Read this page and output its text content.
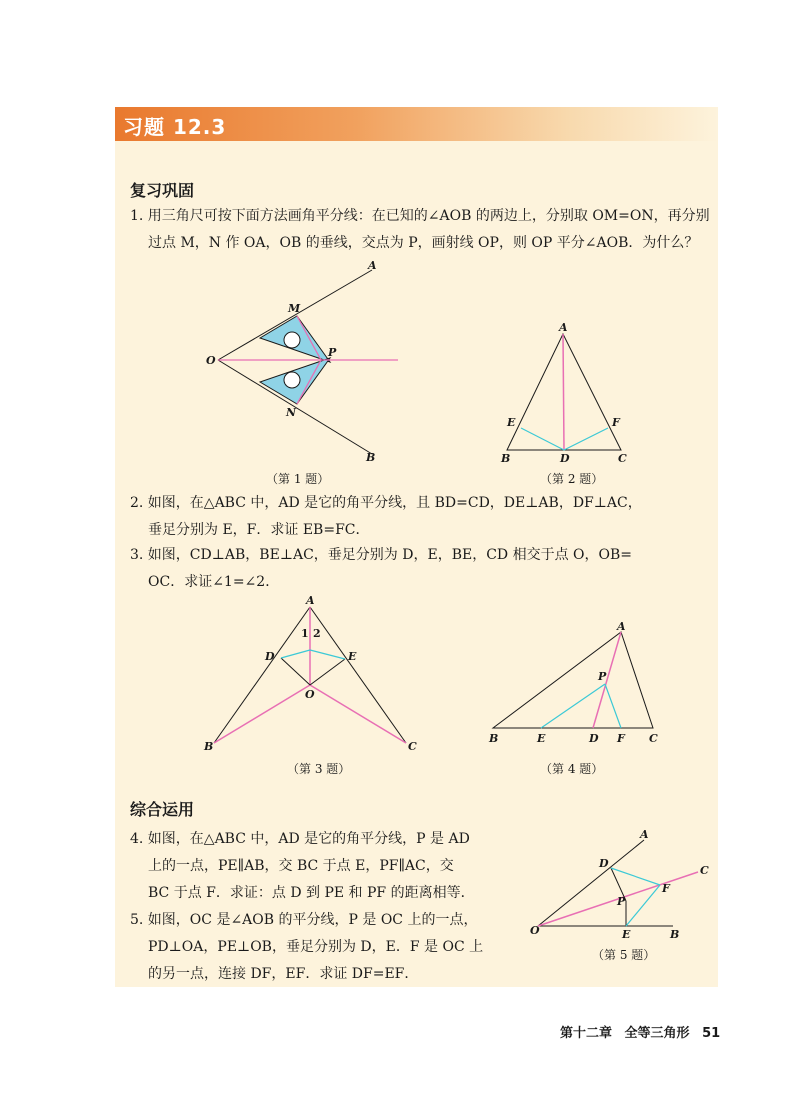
习题 12.3
复习巩固
1. 用三角尺可按下面方法画角平分线：在已知的∠AOB 的两边上，分别取 OM=ON，再分别
过点 M，N 作 OA，OB 的垂线，交点为 P，画射线 OP，则 OP 平分∠AOB．为什么？
A
M
O
P
N
B
（第 1 题）
A
E	F
B	D	C
（第 2 题）
2. 如图，在△ABC 中，AD 是它的角平分线，且 BD=CD，DE⊥AB，DF⊥AC，
垂足分别为 E，F．求证 EB=FC．
3. 如图，CD⊥AB，BE⊥AC，垂足分别为 D，E，BE，CD 相交于点 O，OB=
OC．求证∠1=∠2．
A
1 2
D	E
O
B	C
（第 3 题）
A
P
B	E	D F C
（第 4 题）
综合运用
4. 如图，在△ABC 中，AD 是它的角平分线，P 是 AD
上的一点，PE∥AB，交 BC 于点 E，PF∥AC，交
BC 于点 F．求证：点 D 到 PE 和 PF 的距离相等．
5. 如图，OC 是∠AOB 的平分线，P 是 OC 上的一点，
PD⊥OA，PE⊥OB，垂足分别为 D，E．F 是 OC 上
的另一点，连接 DF，EF．求证 DF=EF．
A
D
C
F
P
O	E	B
（第 5 题）
第十二章 全等三角形 51
